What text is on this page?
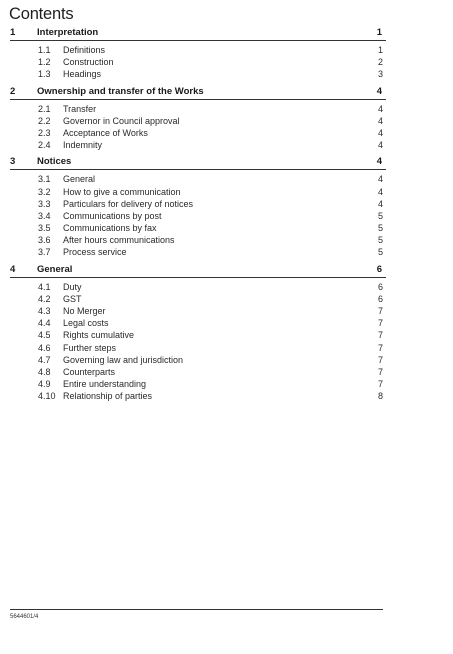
Contents
1 Interpretation	1
1.1 Definitions	1
1.2 Construction	2
1.3 Headings	3
2 Ownership and transfer of the Works	4
2.1 Transfer	4
2.2 Governor in Council approval	4
2.3 Acceptance of Works	4
2.4 Indemnity	4
3 Notices	4
3.1 General	4
3.2 How to give a communication	4
3.3 Particulars for delivery of notices	4
3.4 Communications by post	5
3.5 Communications by fax	5
3.6 After hours communications	5
3.7 Process service	5
4 General	6
4.1 Duty	6
4.2 GST	6
4.3 No Merger	7
4.4 Legal costs	7
4.5 Rights cumulative	7
4.6 Further steps	7
4.7 Governing law and jurisdiction	7
4.8 Counterparts	7
4.9 Entire understanding	7
4.10 Relationship of parties	8
5644601/4
